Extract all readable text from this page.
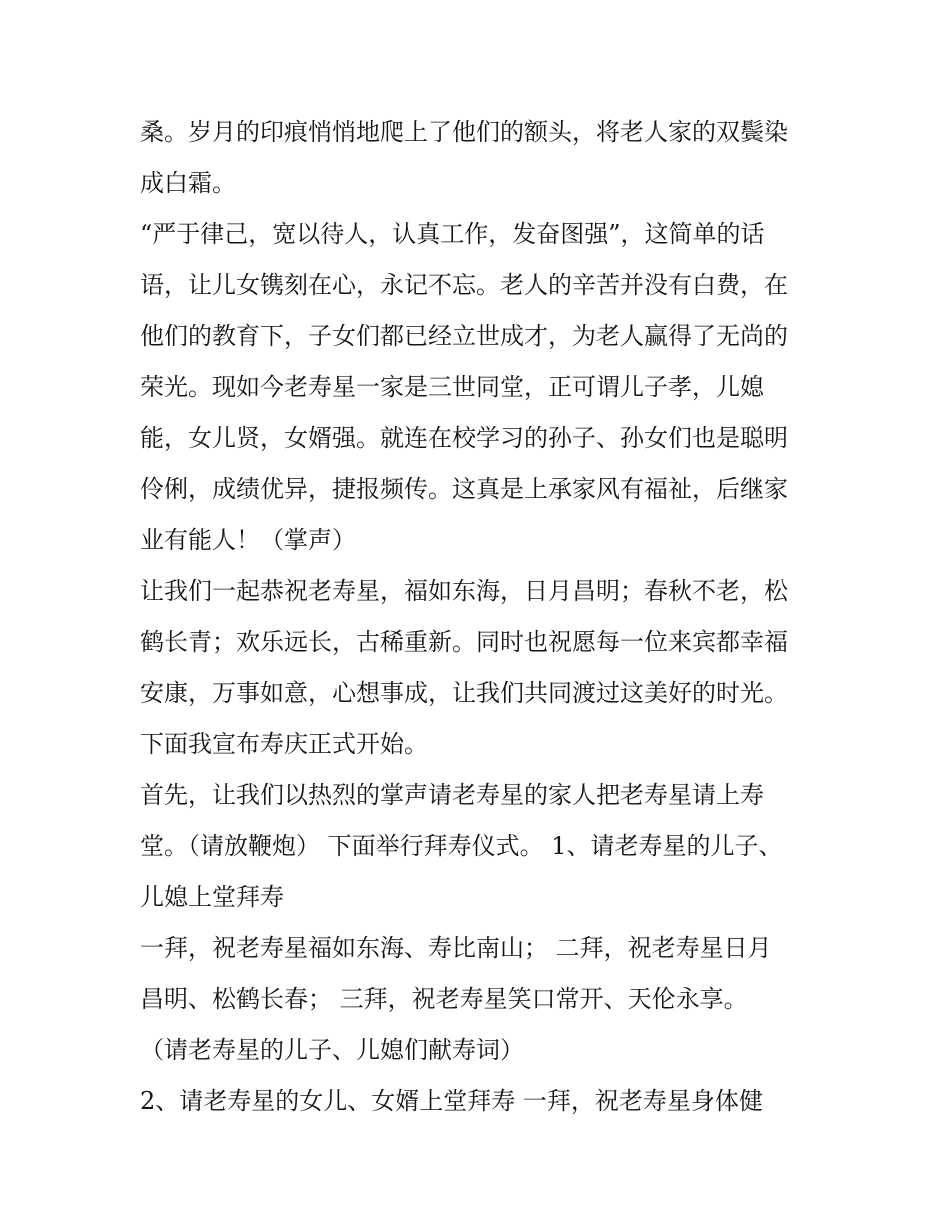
桑。岁月的印痕悄悄地爬上了他们的额头，将老人家的双鬓染
成白霜。
“严于律己，宽以待人，认真工作，发奋图强”，这简单的话
语，让儿女镌刻在心，永记不忘。老人的辛苦并没有白费，在
他们的教育下，子女们都已经立世成才，为老人赢得了无尚的
荣光。现如今老寿星一家是三世同堂，正可谓儿子孝，儿媳
能，女儿贤，女婿强。就连在校学习的孙子、孙女们也是聪明
伶俐，成绩优异，捷报频传。这真是上承家风有福祉，后继家
业有能人！（掌声）
让我们一起恭祝老寿星，福如东海，日月昌明；春秋不老，松
鹤长青；欢乐远长，古稀重新。同时也祝愿每一位来宾都幸福
安康，万事如意，心想事成，让我们共同渡过这美好的时光。
下面我宣布寿庆正式开始。
首先，让我们以热烈的掌声请老寿星的家人把老寿星请上寿
堂。（请放鞭炮） 下面举行拜寿仪式。 1、请老寿星的儿子、
儿媳上堂拜寿
一拜，祝老寿星福如东海、寿比南山； 二拜，祝老寿星日月
昌明、松鹤长春； 三拜，祝老寿星笑口常开、天伦永享。
（请老寿星的儿子、儿媳们献寿词）
2、请老寿星的女儿、女婿上堂拜寿 一拜，祝老寿星身体健
